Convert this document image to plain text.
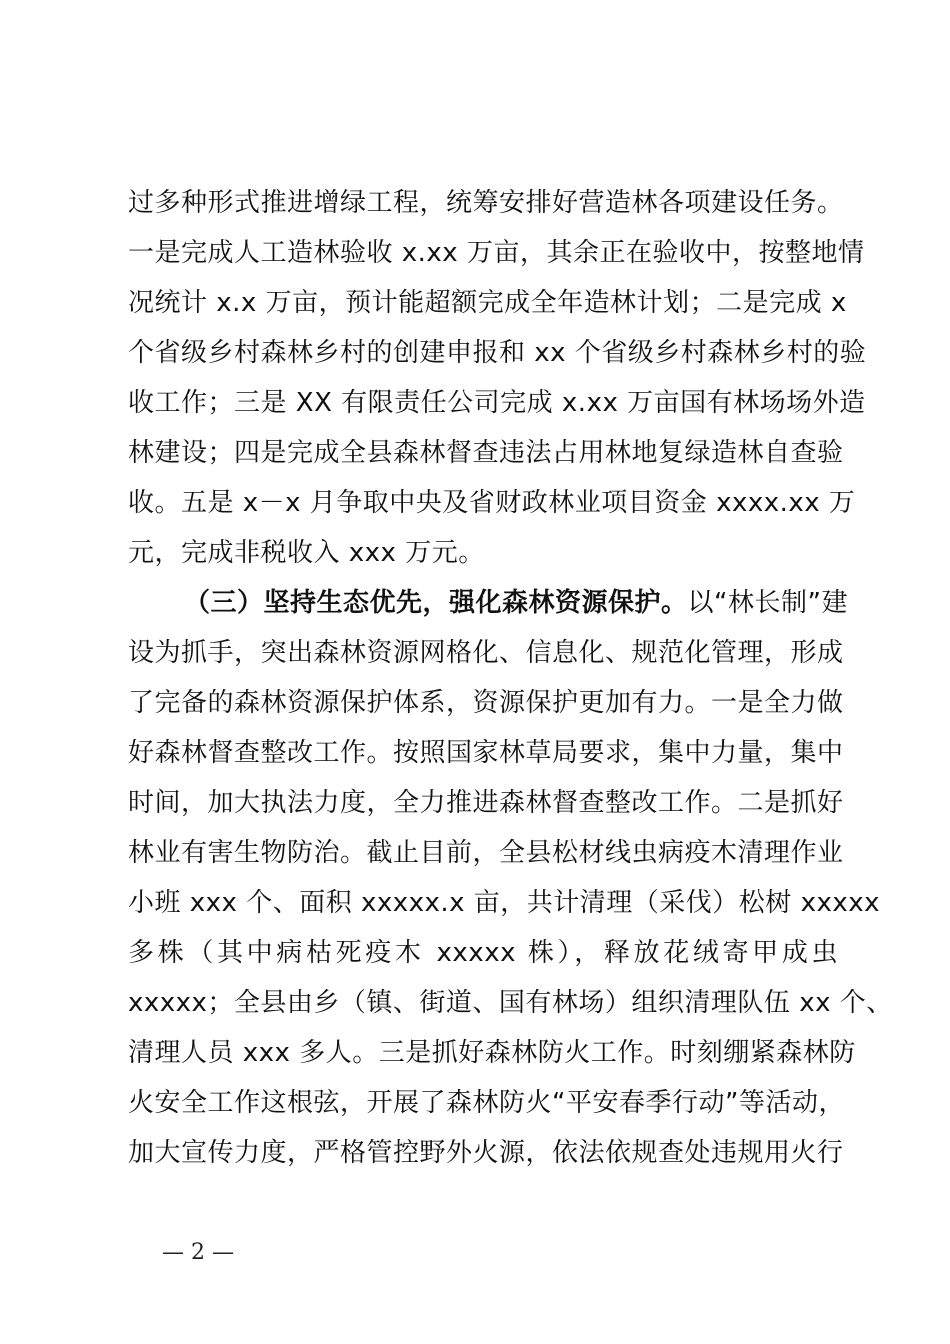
过多种形式推进增绿工程，统筹安排好营造林各项建设任务。
一是完成人工造林验收 x.xx 万亩，其余正在验收中，按整地情
况统计 x.x 万亩，预计能超额完成全年造林计划；二是完成 x
个省级乡村森林乡村的创建申报和 xx 个省级乡村森林乡村的验
收工作；三是 XX 有限责任公司完成 x.xx 万亩国有林场场外造
林建设；四是完成全县森林督查违法占用林地复绿造林自查验
收。五是 x－x 月争取中央及省财政林业项目资金 xxxx.xx 万
元，完成非税收入 xxx 万元。
（三）坚持生态优先，强化森林资源保护。以“林长制”建
设为抓手，突出森林资源网格化、信息化、规范化管理，形成
了完备的森林资源保护体系，资源保护更加有力。一是全力做
好森林督查整改工作。按照国家林草局要求，集中力量，集中
时间，加大执法力度，全力推进森林督查整改工作。二是抓好
林业有害生物防治。截止目前，全县松材线虫病疫木清理作业
小班 xxx 个、面积 xxxxx.x 亩，共计清理（采伐）松树 xxxxx
多株（其中病枯死疫木 xxxxx 株），释放花绒寄甲成虫
xxxxx；全县由乡（镇、街道、国有林场）组织清理队伍 xx 个、
清理人员 xxx 多人。三是抓好森林防火工作。时刻绷紧森林防
火安全工作这根弦，开展了森林防火“平安春季行动”等活动，
加大宣传力度，严格管控野外火源，依法依规查处违规用火行
— 2 —
